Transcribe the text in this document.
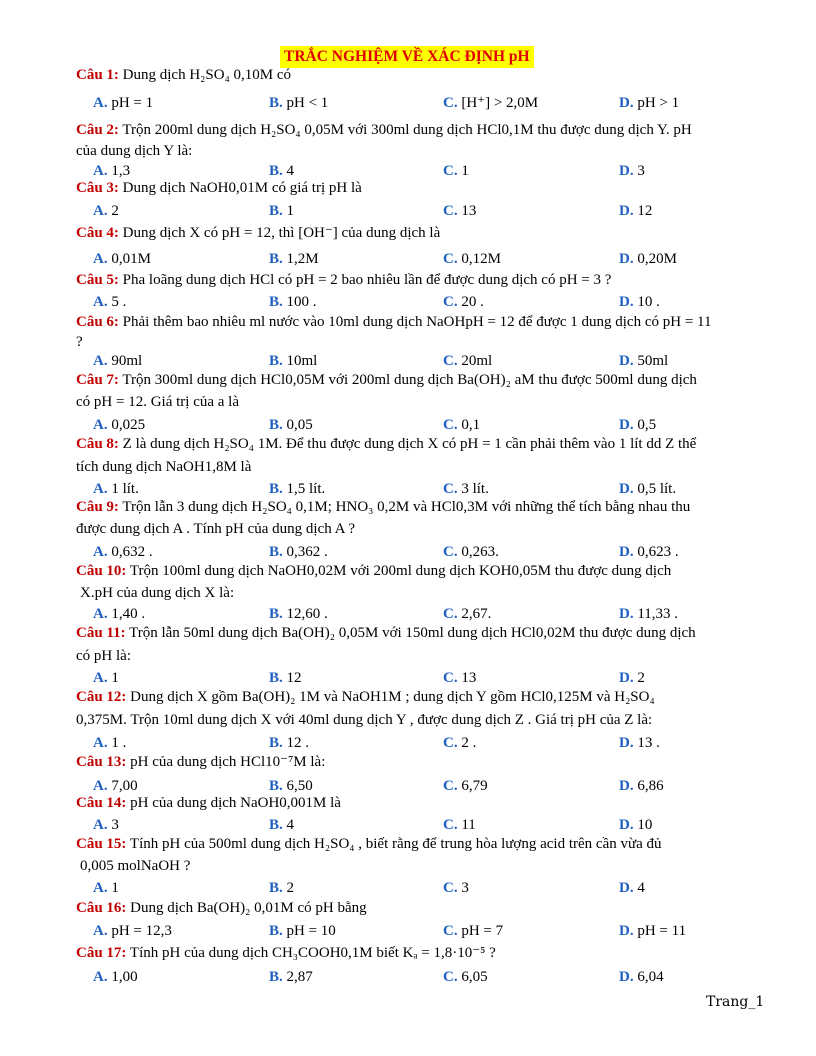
TRẮC NGHIỆM VỀ XÁC ĐỊNH pH
Câu 1: Dung dịch H₂SO₄ 0,10M có
A. pH = 1	B. pH < 1	C. [H⁺] > 2,0M	D. pH > 1
Câu 2: Trộn 200ml dung dịch H₂SO₄ 0,05M với 300ml dung dịch HCl0,1M thu được dung dịch Y. pH
của dung dịch Y là:
A. 1,3	B. 4	C. 1	D. 3
Câu 3: Dung dịch NaOH0,01M có giá trị pH là
A. 2	B. 1	C. 13	D. 12
Câu 4: Dung dịch X có pH = 12, thì [OH⁻] của dung dịch là
A. 0,01M	B. 1,2M	C. 0,12M	D. 0,20M
Câu 5: Pha loãng dung dịch HCl có pH = 2 bao nhiêu lần để được dung dịch có pH = 3 ?
A. 5 .	B. 100 .	C. 20 .	D. 10 .
Câu 6: Phải thêm bao nhiêu ml nước vào 10ml dung dịch NaOHpH = 12 để được 1 dung dịch có pH = 11
?
A. 90ml	B. 10ml	C. 20ml	D. 50ml
Câu 7: Trộn 300ml dung dịch HCl0,05M với 200ml dung dịch Ba(OH)₂ aM thu được 500ml dung dịch
có pH = 12. Giá trị của a là
A. 0,025	B. 0,05	C. 0,1	D. 0,5
Câu 8: Z là dung dịch H₂SO₄ 1M. Để thu được dung dịch X có pH = 1 cần phải thêm vào 1 lít dd Z thể
tích dung dịch NaOH1,8M là
A. 1 lít.	B. 1,5 lít.	C. 3 lít.	D. 0,5 lít.
Câu 9: Trộn lẫn 3 dung dịch H₂SO₄ 0,1M; HNO₃ 0,2M và HCl0,3M với những thể tích bằng nhau thu
được dung dịch A . Tính pH của dung dịch A ?
A. 0,632 .	B. 0,362 .	C. 0,263.	D. 0,623 .
Câu 10: Trộn 100ml dung dịch NaOH0,02M với 200ml dung dịch KOH0,05M thu được dung dịch
X.pH của dung dịch X là:
A. 1,40 .	B. 12,60 .	C. 2,67.	D. 11,33 .
Câu 11: Trộn lẫn 50ml dung dịch Ba(OH)₂ 0,05M với 150ml dung dịch HCl0,02M thu được dung dịch
có pH là:
A. 1	B. 12	C. 13	D. 2
Câu 12: Dung dịch X gồm Ba(OH)₂ 1M và NaOH1M ; dung dịch Y gồm HCl0,125M và H₂SO₄
0,375M. Trộn 10ml dung dịch X với 40ml dung dịch Y , được dung dịch Z . Giá trị pH của Z là:
A. 1 .	B. 12 .	C. 2 .	D. 13 .
Câu 13: pH của dung dịch HCl10⁻⁷M là:
A. 7,00	B. 6,50	C. 6,79	D. 6,86
Câu 14: pH của dung dịch NaOH0,001M là
A. 3	B. 4	C. 11	D. 10
Câu 15: Tính pH của 500ml dung dịch H₂SO₄ , biết rằng để trung hòa lượng acid trên cần vừa đủ
0,005 molNaOH ?
A. 1	B. 2	C. 3	D. 4
Câu 16: Dung dịch Ba(OH)₂ 0,01M có pH bằng
A. pH = 12,3	B. pH = 10	C. pH = 7	D. pH = 11
Câu 17: Tính pH của dung dịch CH₃COOH0,1M biết Kₐ = 1,8·10⁻⁵ ?
A. 1,00	B. 2,87	C. 6,05	D. 6,04
Trang_1
